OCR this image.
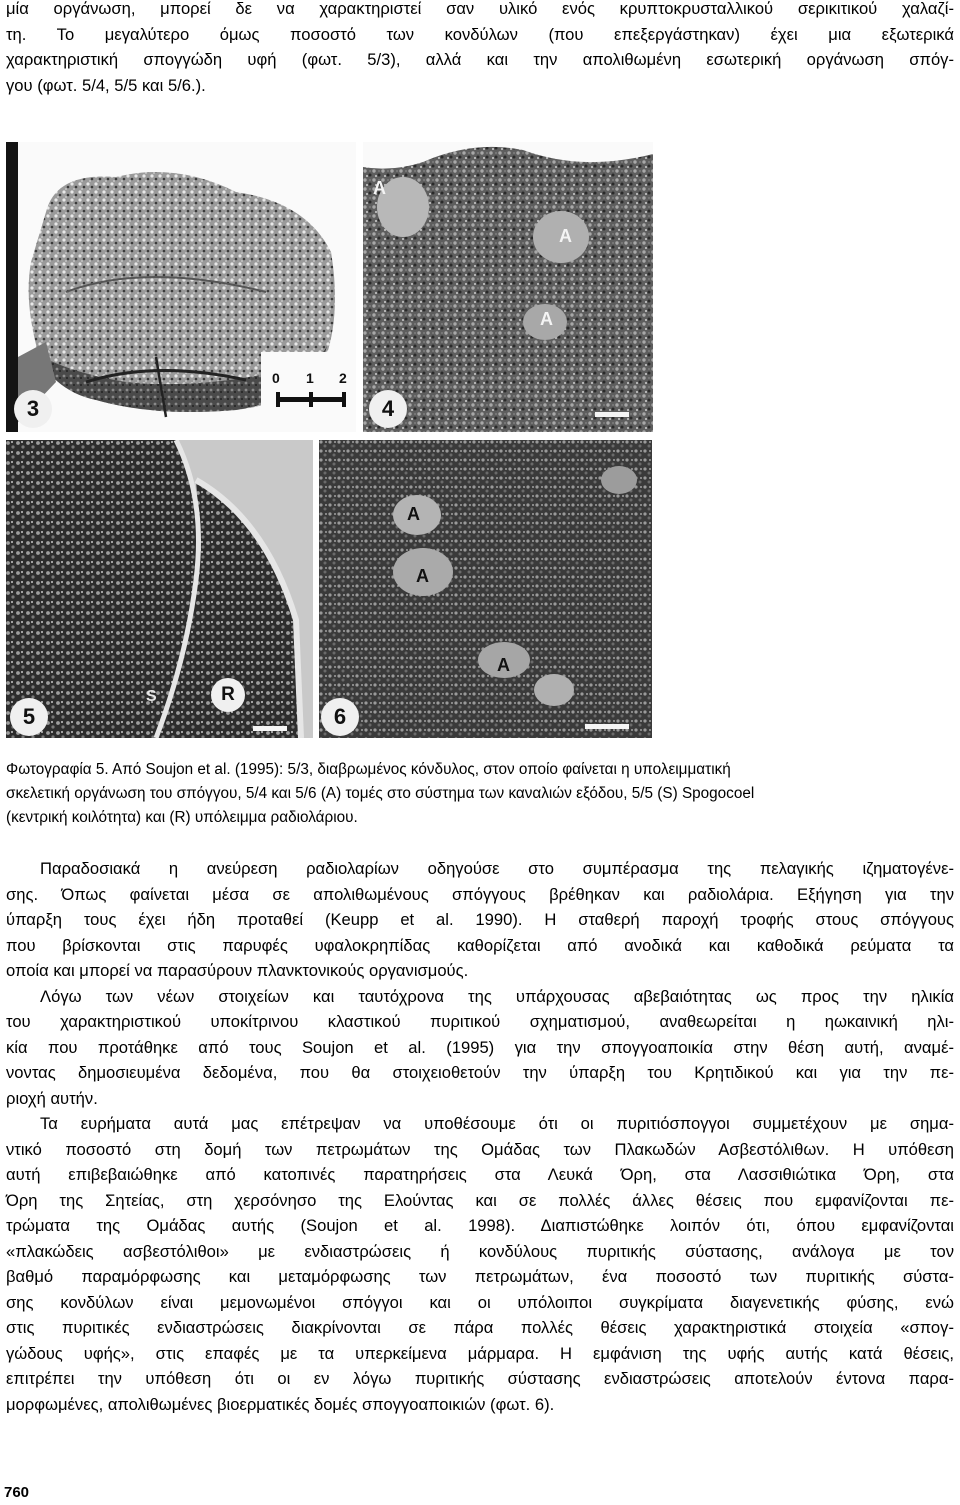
μία οργάνωση, μπορεί δε να χαρακτηριστεί σαν υλικό ενός κρυπτοκρυσταλλικού σερικιτικού χαλαζί-
τη. Το μεγαλύτερο όμως ποσοστό των κονδύλων (που επεξεργάστηκαν) έχει μια εξωτερικά
χαρακτηριστική σπογγώδη υφή (φωτ. 5/3), αλλά και την απολιθωμένη εσωτερική οργάνωση σπόγ-
γου (φωτ. 5/4, 5/5 και 5/6.).
0 1 2
3
A
A
A
4
S	R
5
A
A
A
6
Φωτογραφία 5. Από Soujon et al. (1995): 5/3, διαβρωμένος κόνδυλος, στον οποίο φαίνεται η υπολειμματική
σκελετική οργάνωση του σπόγγου, 5/4 και 5/6 (Α) τομές στο σύστημα των καναλιών εξόδου, 5/5 (S) Spogocoel
(κεντρική κοιλότητα) και (R) υπόλειμμα ραδιολάριου.
Παραδοσιακά η ανεύρεση ραδιολαρίων οδηγούσε στο συμπέρασμα της πελαγικής ιζηματογένε-
σης. Όπως φαίνεται μέσα σε απολιθωμένους σπόγγους βρέθηκαν και ραδιολάρια. Εξήγηση για την
ύπαρξη τους έχει ήδη προταθεί (Keupp et al. 1990). Η σταθερή παροχή τροφής στους σπόγγους
που βρίσκονται στις παρυφές υφαλοκρηπίδας καθορίζεται από ανοδικά και καθοδικά ρεύματα τα
οποία και μπορεί να παρασύρουν πλανκτονικούς οργανισμούς.
Λόγω των νέων στοιχείων και ταυτόχρονα της υπάρχουσας αβεβαιότητας ως προς την ηλικία
του χαρακτηριστικού υποκίτρινου κλαστικού πυριτικού σχηματισμού, αναθεωρείται η ηωκαινική ηλι-
κία που προτάθηκε από τους Soujon et al. (1995) για την σπογγοαποικία στην θέση αυτή, αναμέ-
νοντας δημοσιευμένα δεδομένα, που θα στοιχειοθετούν την ύπαρξη του Κρητιδικού και για την πε-
ριοχή αυτήν.
Τα ευρήματα αυτά μας επέτρεψαν να υποθέσουμε ότι οι πυριτιόσπογγοι συμμετέχουν με σημα-
ντικό ποσοστό στη δομή των πετρωμάτων της Ομάδας των Πλακωδών Ασβεστόλιθων. Η υπόθεση
αυτή επιβεβαιώθηκε από κατοπινές παρατηρήσεις στα Λευκά Όρη, στα Λασσιθιώτικα Όρη, στα
Όρη της Σητείας, στη χερσόνησο της Ελούντας και σε πολλές άλλες θέσεις που εμφανίζονται πε-
τρώματα της Ομάδας αυτής (Soujon et al. 1998). Διαπιστώθηκε λοιπόν ότι, όπου εμφανίζονται
«πλακώδεις ασβεστόλιθοι» με ενδιαστρώσεις ή κονδύλους πυριτικής σύστασης, ανάλογα με τον
βαθμό παραμόρφωσης και μεταμόρφωσης των πετρωμάτων, ένα ποσοστό των πυριτικής σύστα-
σης κονδύλων είναι μεμονωμένοι σπόγγοι και οι υπόλοιποι συγκρίματα διαγενετικής φύσης, ενώ
στις πυριτικές ενδιαστρώσεις διακρίνονται σε πάρα πολλές θέσεις χαρακτηριστικά στοιχεία «σπογ-
γώδους υφής», στις επαφές με τα υπερκείμενα μάρμαρα. Η εμφάνιση της υφής αυτής κατά θέσεις,
επιτρέπει την υπόθεση ότι οι εν λόγω πυριτικής σύστασης ενδιαστρώσεις αποτελούν έντονα παρα-
μορφωμένες, απολιθωμένες βιοερματικές δομές σπογγοαποικιών (φωτ. 6).
760
